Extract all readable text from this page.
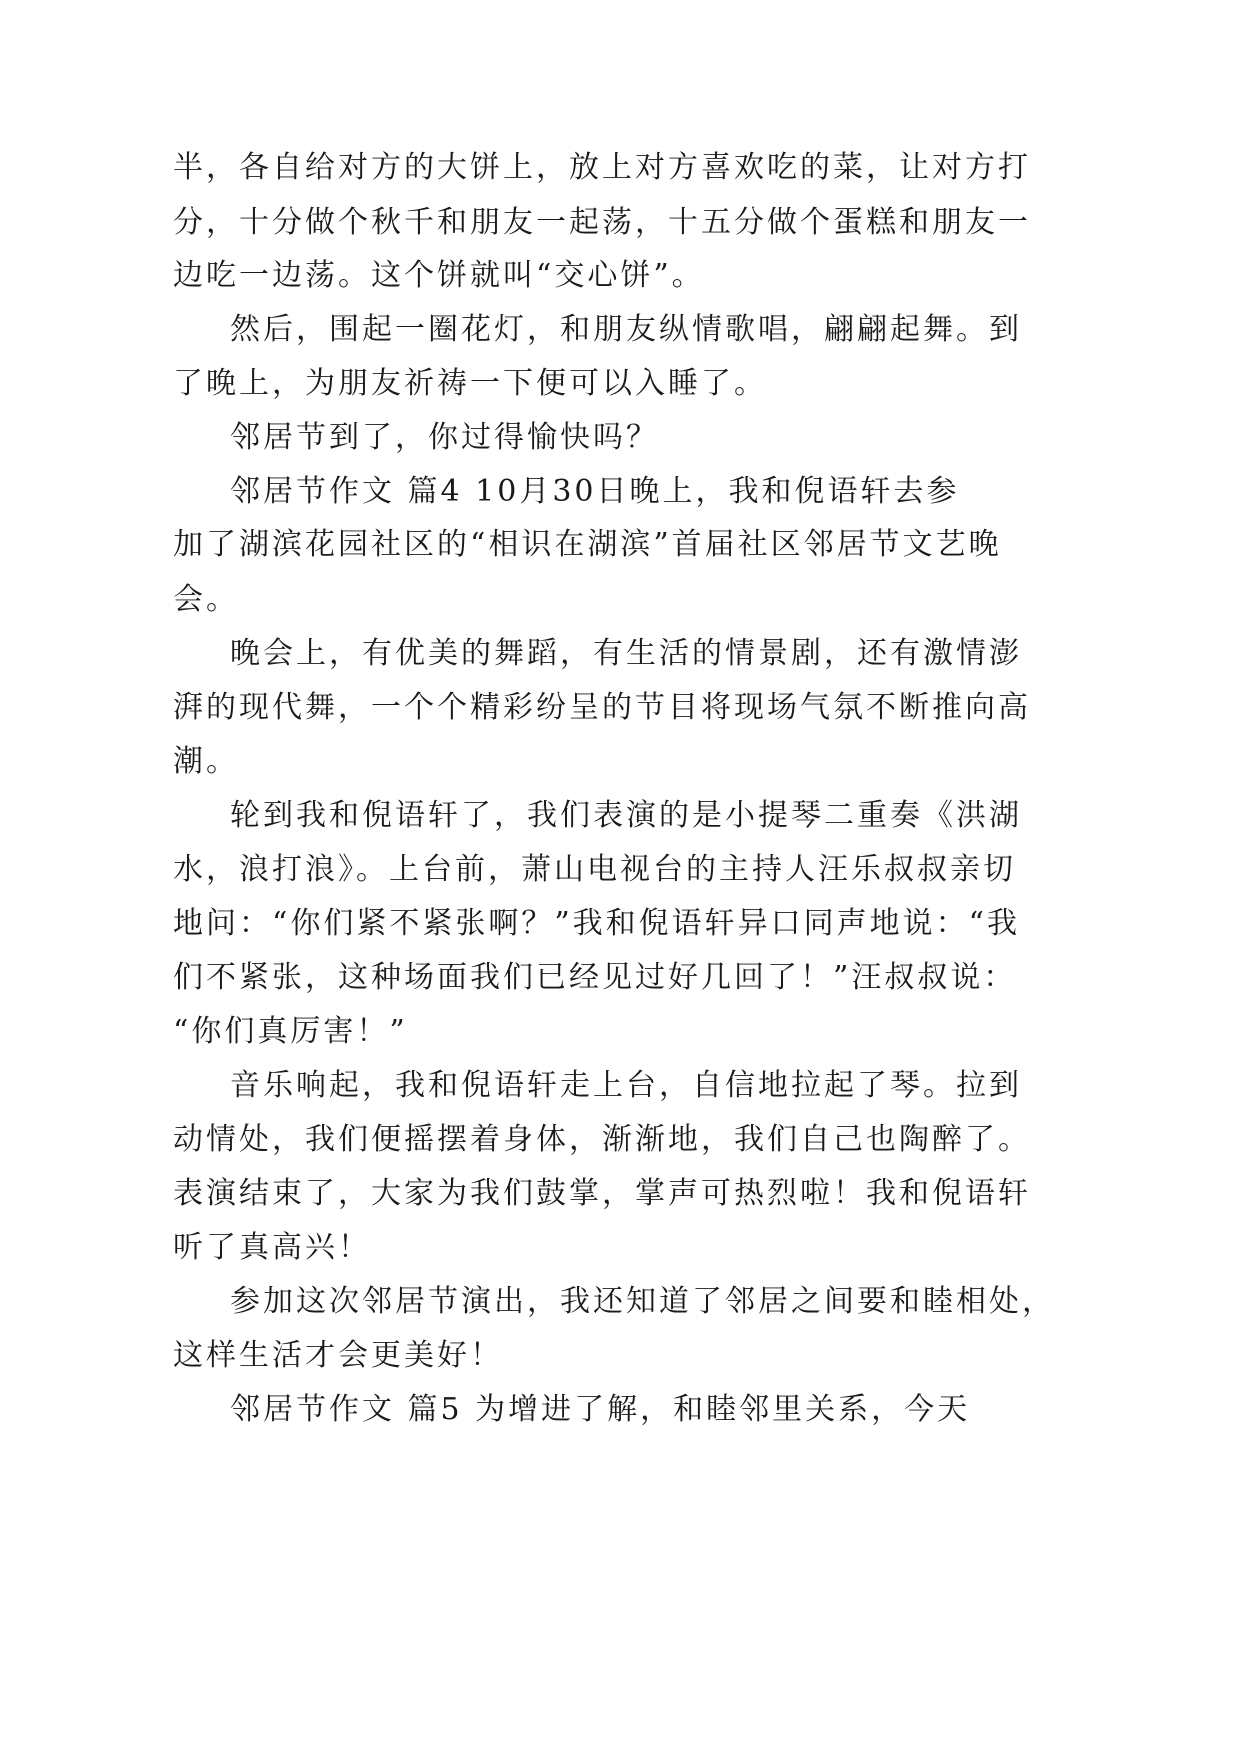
半，各自给对方的大饼上，放上对方喜欢吃的菜，让对方打

分，十分做个秋千和朋友一起荡，十五分做个蛋糕和朋友一

边吃一边荡。这个饼就叫“交心饼”。

然后，围起一圈花灯，和朋友纵情歌唱，翩翩起舞。到

了晚上，为朋友祈祷一下便可以入睡了。

邻居节到了，你过得愉快吗？

邻居节作文 篇4 10月30日晚上，我和倪语轩去参

加了湖滨花园社区的“相识在湖滨”首届社区邻居节文艺晚

会。

晚会上，有优美的舞蹈，有生活的情景剧，还有激情澎

湃的现代舞，一个个精彩纷呈的节目将现场气氛不断推向高

潮。

轮到我和倪语轩了，我们表演的是小提琴二重奏《洪湖

水，浪打浪》。上台前，萧山电视台的主持人汪乐叔叔亲切

地问：“你们紧不紧张啊？”我和倪语轩异口同声地说：“我

们不紧张，这种场面我们已经见过好几回了！”汪叔叔说：

“你们真厉害！”

音乐响起，我和倪语轩走上台，自信地拉起了琴。拉到

动情处，我们便摇摆着身体，渐渐地，我们自己也陶醉了。

表演结束了，大家为我们鼓掌，掌声可热烈啦！我和倪语轩

听了真高兴！

参加这次邻居节演出，我还知道了邻居之间要和睦相处，

这样生活才会更美好！

邻居节作文 篇5 为增进了解，和睦邻里关系，今天
